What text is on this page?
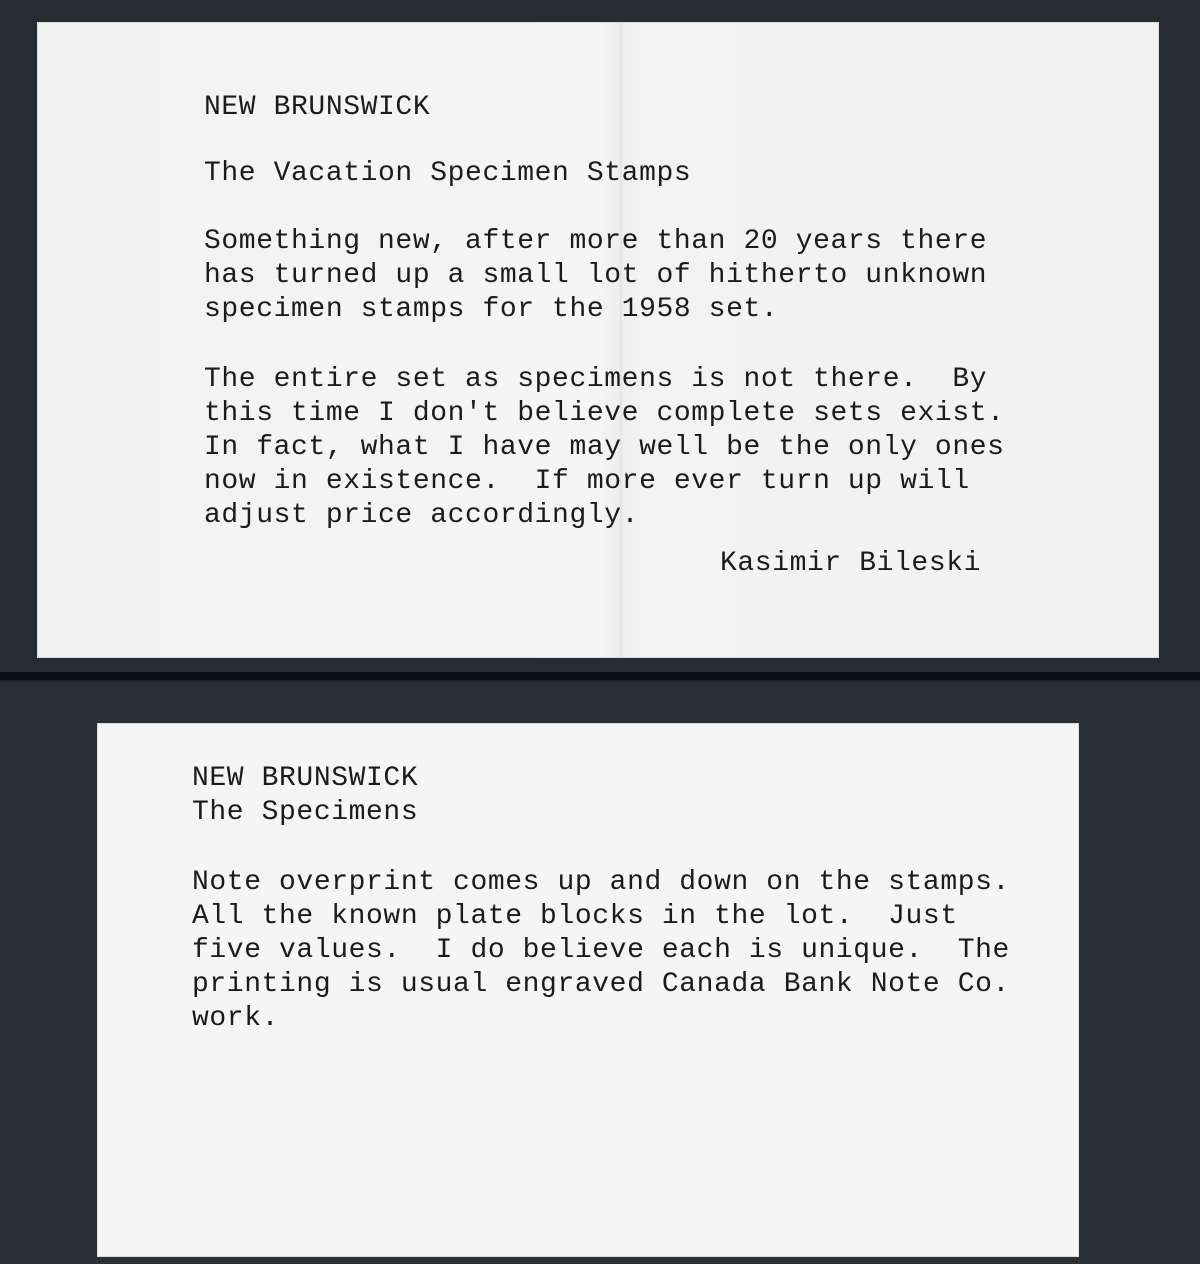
NEW BRUNSWICK

The Vacation Specimen Stamps

Something new, after more than 20 years there

has turned up a small lot of hitherto unknown

specimen stamps for the 1958 set.

The entire set as specimens is not there.  By

this time I don't believe complete sets exist.

In fact, what I have may well be the only ones

now in existence.  If more ever turn up will

adjust price accordingly.

Kasimir Bileski

NEW BRUNSWICK

The Specimens

Note overprint comes up and down on the stamps.

All the known plate blocks in the lot.  Just

five values.  I do believe each is unique.  The

printing is usual engraved Canada Bank Note Co.

work.
